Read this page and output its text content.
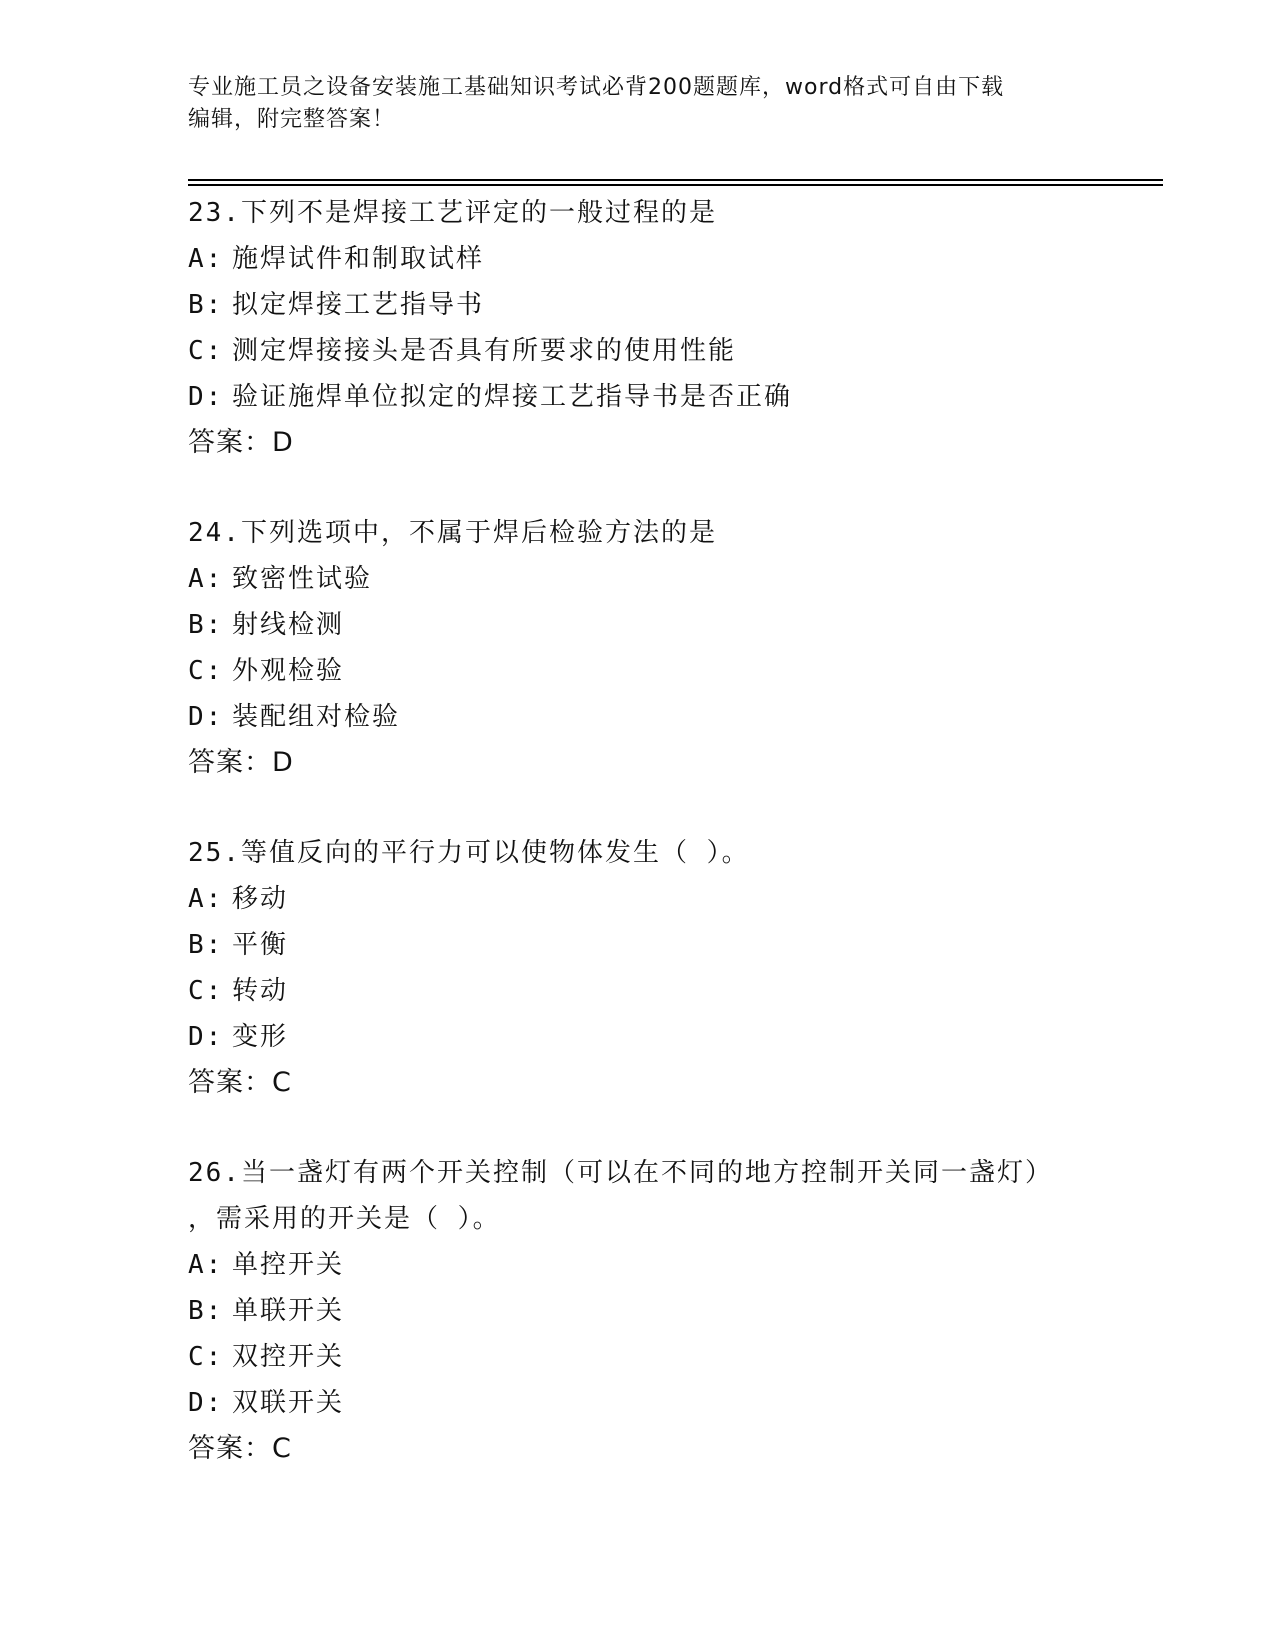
专业施工员之设备安装施工基础知识考试必背200题题库，word格式可自由下载
编辑，附完整答案！
23.下列不是焊接工艺评定的一般过程的是
A: 施焊试件和制取试样
B: 拟定焊接工艺指导书
C: 测定焊接接头是否具有所要求的使用性能
D: 验证施焊单位拟定的焊接工艺指导书是否正确
答案：D
24.下列选项中，不属于焊后检验方法的是
A: 致密性试验
B: 射线检测
C: 外观检验
D: 装配组对检验
答案：D
25.等值反向的平行力可以使物体发生（ ）。
A: 移动
B: 平衡
C: 转动
D: 变形
答案：C
26.当一盏灯有两个开关控制（可以在不同的地方控制开关同一盏灯）
，需采用的开关是（ ）。
A: 单控开关
B: 单联开关
C: 双控开关
D: 双联开关
答案：C
